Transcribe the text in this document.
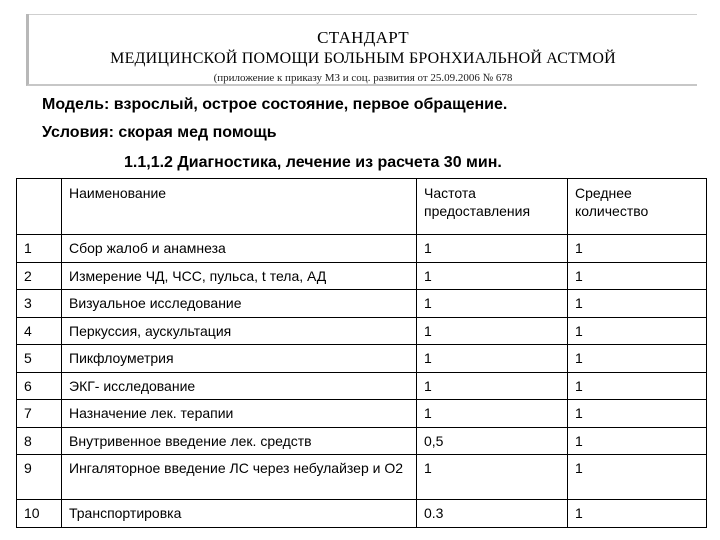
СТАНДАРТ
МЕДИЦИНСКОЙ ПОМОЩИ БОЛЬНЫМ БРОНХИАЛЬНОЙ АСТМОЙ
(приложение к приказу МЗ и соц. развития от 25.09.2006 № 678
Модель: взрослый, острое состояние, первое обращение.
Условия: скорая мед помощь
1.1,1.2 Диагностика, лечение из расчета 30 мин.
	Наименование	Частота предоставления	Среднее количество
1	Сбор жалоб и анамнеза	1	1
2	Измерение ЧД, ЧСС, пульса, t тела, АД	1	1
3	Визуальное исследование	1	1
4	Перкуссия, аускультация	1	1
5	Пикфлоуметрия	1	1
6	ЭКГ- исследование	1	1
7	Назначение лек. терапии	1	1
8	Внутривенное введение лек. средств	0,5	1
9	Ингаляторное введение ЛС через небулайзер и О2	1	1
10	Транспортировка	0.3	1
